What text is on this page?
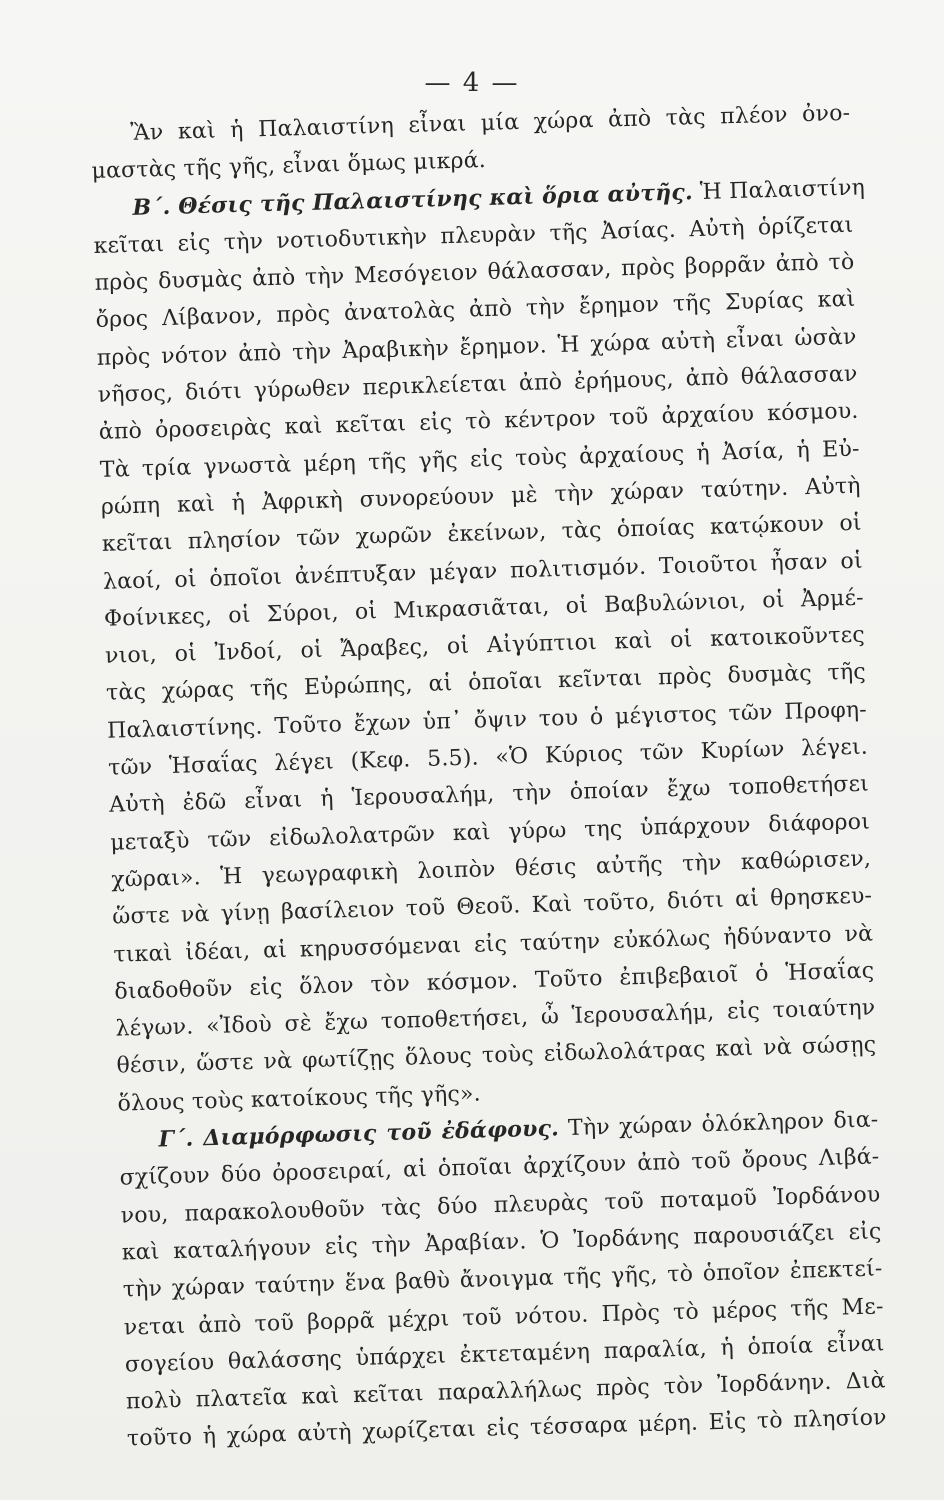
— 4 —
Ἂν καὶ ἡ Παλαιστίνη εἶναι μία χώρα ἀπὸ τὰς πλέον ὀνο-
μαστὰς τῆς γῆς, εἶναι ὅμως μικρά.
Β΄. Θέσις τῆς Παλαιστίνης καὶ ὅρια αὐτῆς. Ἡ Παλαιστίνη
κεῖται εἰς τὴν νοτιοδυτικὴν πλευρὰν τῆς Ἀσίας. Αὐτὴ ὁρίζεται
πρὸς δυσμὰς ἀπὸ τὴν Μεσόγειον θάλασσαν, πρὸς βορρᾶν ἀπὸ τὸ
ὄρος Λίβανον, πρὸς ἀνατολὰς ἀπὸ τὴν ἔρημον τῆς Συρίας καὶ
πρὸς νότον ἀπὸ τὴν Ἀραβικὴν ἔρημον. Ἡ χώρα αὐτὴ εἶναι ὡσὰν
νῆσος, διότι γύρωθεν περικλείεται ἀπὸ ἐρήμους, ἀπὸ θάλασσαν
ἀπὸ ὀροσειρὰς καὶ κεῖται εἰς τὸ κέντρον τοῦ ἀρχαίου κόσμου.
Τὰ τρία γνωστὰ μέρη τῆς γῆς εἰς τοὺς ἀρχαίους ἡ Ἀσία, ἡ Εὐ-
ρώπη καὶ ἡ Ἀφρικὴ συνορεύουν μὲ τὴν χώραν ταύτην. Αὐτὴ
κεῖται πλησίον τῶν χωρῶν ἐκείνων, τὰς ὁποίας κατῴκουν οἱ
λαοί, οἱ ὁποῖοι ἀνέπτυξαν μέγαν πολιτισμόν. Τοιοῦτοι ἦσαν οἱ
Φοίνικες, οἱ Σύροι, οἱ Μικρασιᾶται, οἱ Βαβυλώνιοι, οἱ Ἀρμέ-
νιοι, οἱ Ἰνδοί, οἱ Ἄραβες, οἱ Αἰγύπτιοι καὶ οἱ κατοικοῦντες
τὰς χώρας τῆς Εὐρώπης, αἱ ὁποῖαι κεῖνται πρὸς δυσμὰς τῆς
Παλαιστίνης. Τοῦτο ἔχων ὑπ᾽ ὄψιν του ὁ μέγιστος τῶν Προφη-
τῶν Ἡσαΐας λέγει (Κεφ. 5.5). «Ὁ Κύριος τῶν Κυρίων λέγει.
Αὐτὴ ἐδῶ εἶναι ἡ Ἱερουσαλήμ, τὴν ὁποίαν ἔχω τοποθετήσει
μεταξὺ τῶν εἰδωλολατρῶν καὶ γύρω της ὑπάρχουν διάφοροι
χῶραι». Ἡ γεωγραφικὴ λοιπὸν θέσις αὐτῆς τὴν καθώρισεν,
ὥστε νὰ γίνῃ βασίλειον τοῦ Θεοῦ. Καὶ τοῦτο, διότι αἱ θρησκευ-
τικαὶ ἰδέαι, αἱ κηρυσσόμεναι εἰς ταύτην εὐκόλως ἠδύναντο νὰ
διαδοθοῦν εἰς ὅλον τὸν κόσμον. Τοῦτο ἐπιβεβαιοῖ ὁ Ἡσαΐας
λέγων. «Ἰδοὺ σὲ ἔχω τοποθετήσει, ὦ Ἱερουσαλήμ, εἰς τοιαύτην
θέσιν, ὥστε νὰ φωτίζῃς ὅλους τοὺς εἰδωλολάτρας καὶ νὰ σώσῃς
ὅλους τοὺς κατοίκους τῆς γῆς».
Γ΄. Διαμόρφωσις τοῦ ἐδάφους. Τὴν χώραν ὁλόκληρον δια-
σχίζουν δύο ὀροσειραί, αἱ ὁποῖαι ἀρχίζουν ἀπὸ τοῦ ὄρους Λιβά-
νου, παρακολουθοῦν τὰς δύο πλευρὰς τοῦ ποταμοῦ Ἰορδάνου
καὶ καταλήγουν εἰς τὴν Ἀραβίαν. Ὁ Ἰορδάνης παρουσιάζει εἰς
τὴν χώραν ταύτην ἕνα βαθὺ ἄνοιγμα τῆς γῆς, τὸ ὁποῖον ἐπεκτεί-
νεται ἀπὸ τοῦ βορρᾶ μέχρι τοῦ νότου. Πρὸς τὸ μέρος τῆς Με-
σογείου θαλάσσης ὑπάρχει ἐκτεταμένη παραλία, ἡ ὁποία εἶναι
πολὺ πλατεῖα καὶ κεῖται παραλλήλως πρὸς τὸν Ἰορδάνην. Διὰ
τοῦτο ἡ χώρα αὐτὴ χωρίζεται εἰς τέσσαρα μέρη. Εἰς τὸ πλησίον
